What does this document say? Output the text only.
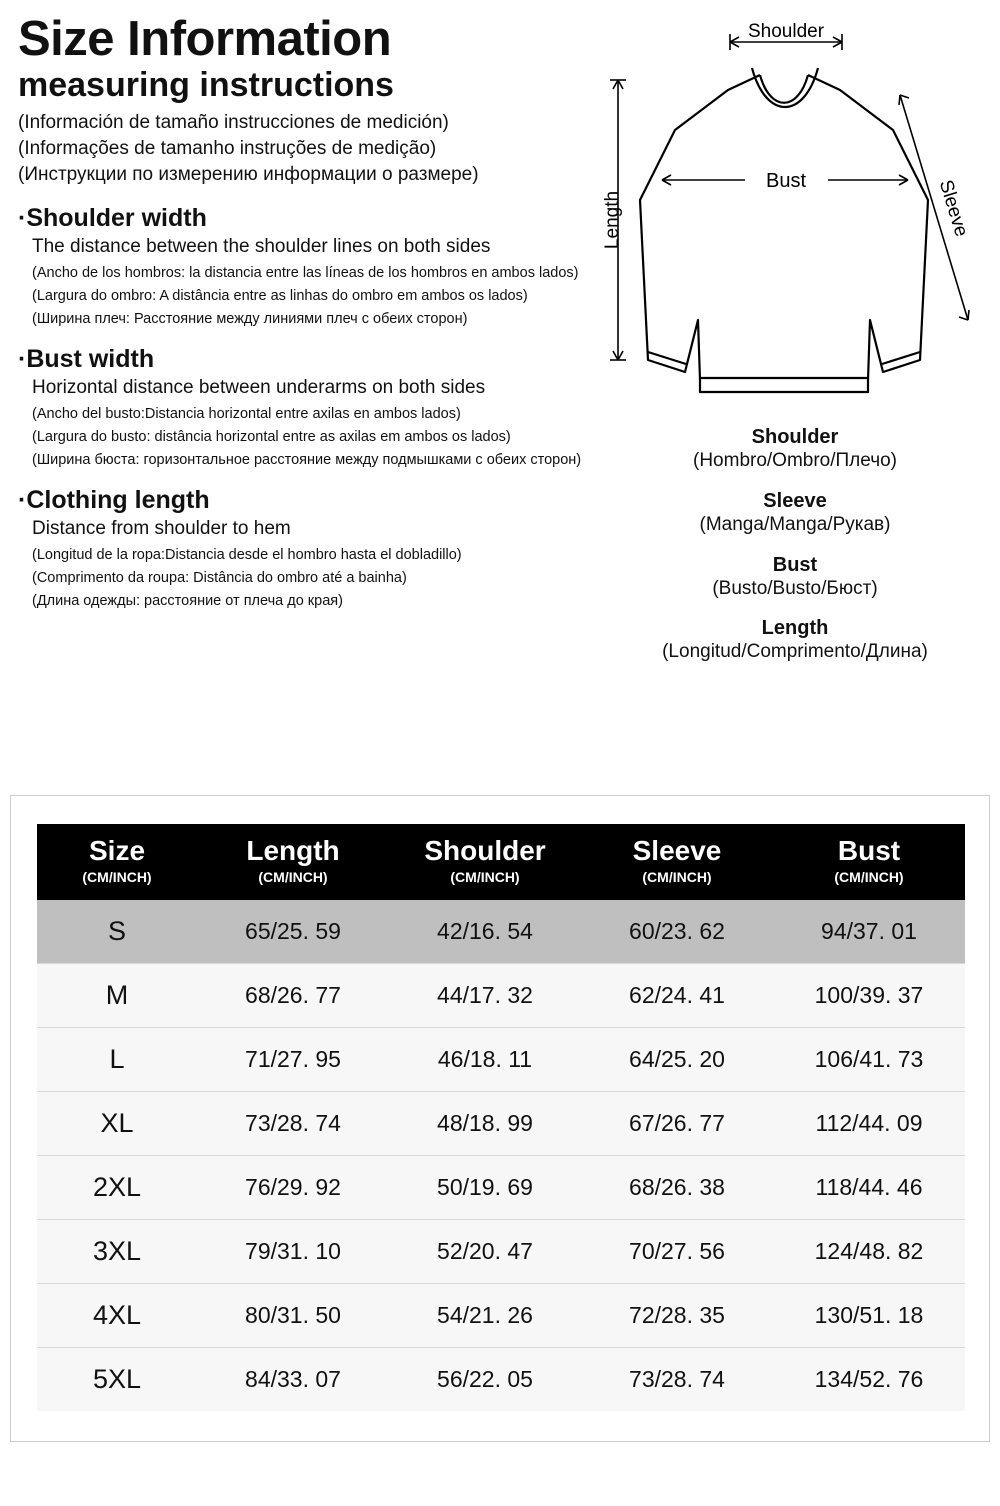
Size Information
measuring instructions

(Información de tamaño instrucciones de medición)

(Informações de tamanho instruções de medição)

(Инструкции по измерению информации о размере)

·Shoulder width
The distance between the shoulder lines on both sides
(Ancho de los hombros: la distancia entre las líneas de los hombros en ambos lados)
(Largura do ombro: A distância entre as linhas do ombro em ambos os lados)
(Ширина плеч: Расстояние между линиями плеч с обеих сторон)
·Bust width
Horizontal distance between underarms on both sides
(Ancho del busto:Distancia horizontal entre axilas en ambos lados)
(Largura do busto: distância horizontal entre as axilas em ambos os lados)
(Ширина бюста: горизонтальное расстояние между подмышками с обеих сторон)
·Clothing length
Distance from shoulder to hem
(Longitud de la ropa:Distancia desde el hombro hasta el dobladillo)
(Comprimento da roupa: Distância do ombro até a bainha)
(Длина одежды: расстояние от плеча до края)
Shoulder
Bust
Length	Sleeve
Shoulder
(Hombro/Ombro/Плечо)
Sleeve
(Manga/Manga/Рукав)
Bust
(Busto/Busto/Бюст)
Length
(Longitud/Comprimento/Длина)
Size
(CM/INCH)

Length
(CM/INCH)

Shoulder
(CM/INCH)

Sleeve
(CM/INCH)

Bust
(CM/INCH)

S	65/25. 59	42/16. 54	60/23. 62	94/37. 01
M	68/26. 77	44/17. 32	62/24. 41	100/39. 37
L	71/27. 95	46/18. 11	64/25. 20	106/41. 73
XL	73/28. 74	48/18. 99	67/26. 77	112/44. 09
2XL	76/29. 92	50/19. 69	68/26. 38	118/44. 46
3XL	79/31. 10	52/20. 47	70/27. 56	124/48. 82
4XL	80/31. 50	54/21. 26	72/28. 35	130/51. 18
5XL	84/33. 07	56/22. 05	73/28. 74	134/52. 76
